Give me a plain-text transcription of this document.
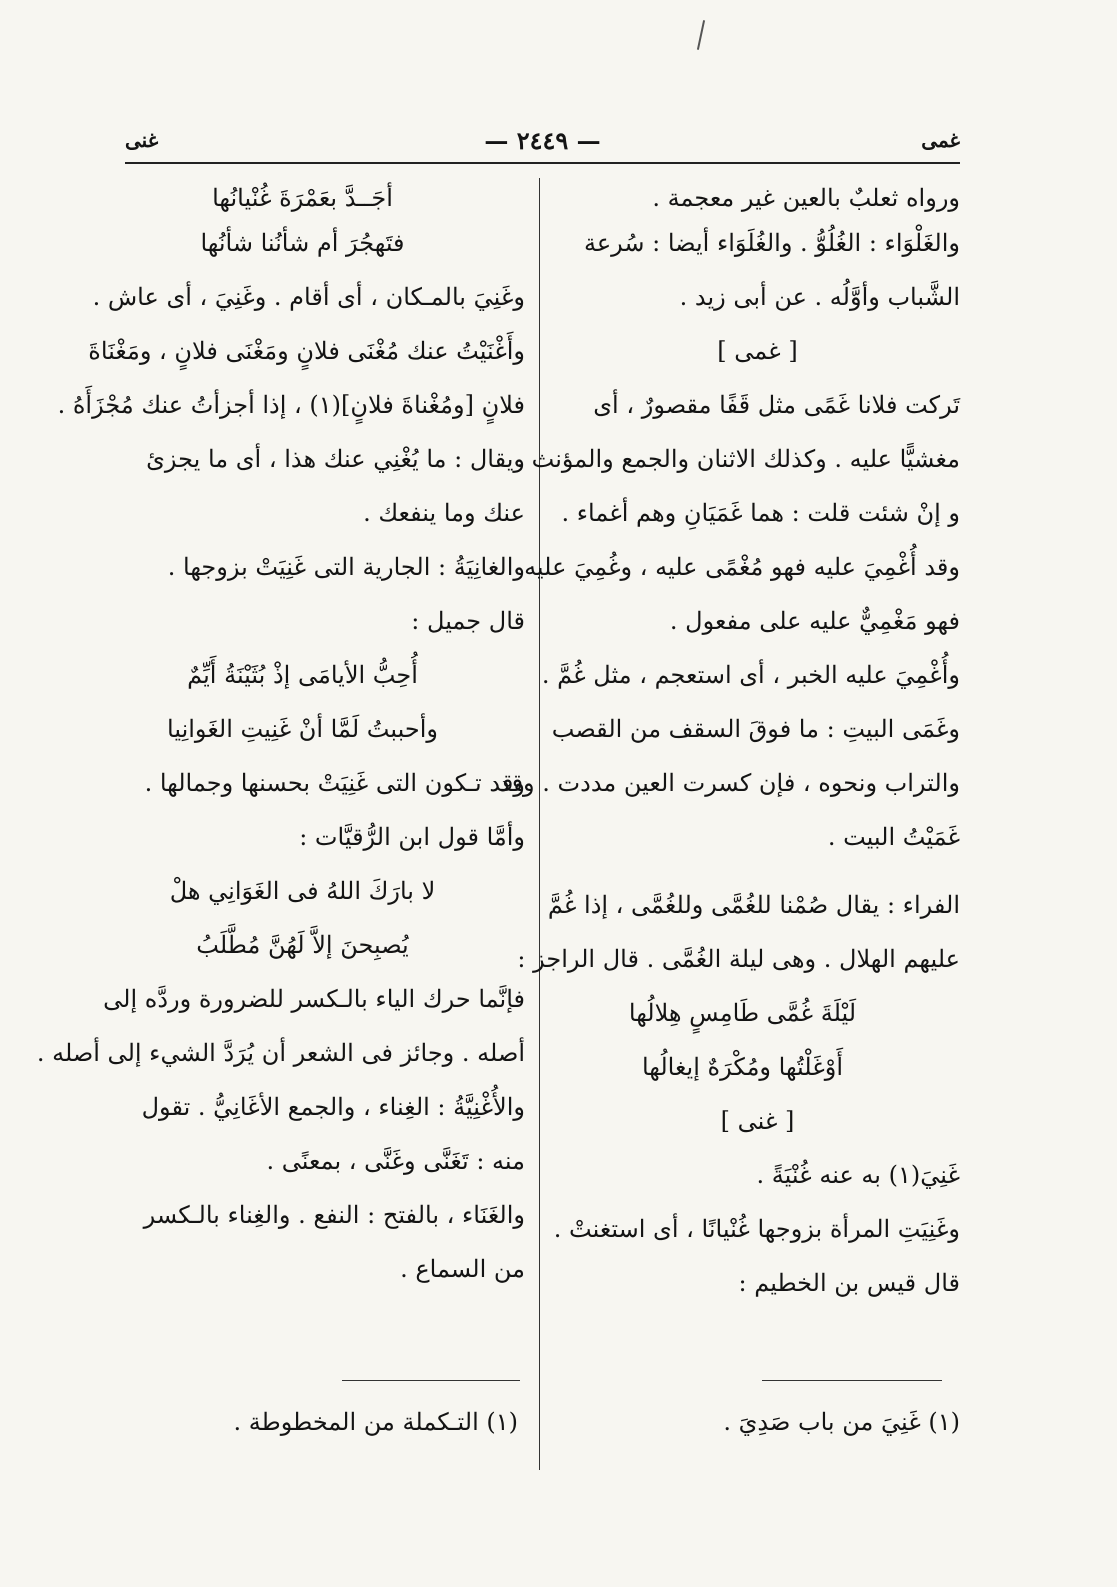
غمى
— ٢٤٤٩ —
غنى
ورواه ثعلبٌ بالعين غير معجمة .
والغَلْوَاء : الغُلُوُّ . والغُلَوَاء أيضا : سُرعة
الشَّباب وأوَّلُه . عن أبى زيد .
[ غمى ]
تَركت فلانا غَمًى مثل قَفًا مقصورٌ ، أى
مغشيًّا عليه . وكذلك الاثنان والجمع والمؤنث .
و إنْ شئت قلت : هما غَمَيَانِ وهم أغماء .
وقد أُغْمِيَ عليه فهو مُغْمًى عليه ، وغُمِيَ عليه
فهو مَغْمِيٌّ عليه على مفعول .
وأُغْمِيَ عليه الخبر ، أى استعجم ، مثل غُمَّ .
وغَمَى البيتِ : ما فوقَ السقف من القصب
والتراب ونحوه ، فإن كسرت العين مددت . وقد
غَمَيْتُ البيت .
الفراء : يقال صُمْنا للغُمَّى وللغُمَّى ، إذا غُمَّ
عليهم الهلال . وهى ليلة الغُمَّى . قال الراجز :
لَيْلَةَ غُمَّى طَامِسٍ هِلالُها
أَوْغَلْتُها ومُكْرَهٌ إيغالُها
[ غنى ]
غَنِيَ(١) به عنه غُنْيَةً .
وغَنِيَتِ المرأة بزوجها غُنْيانًا ، أى استغنتْ .
قال قيس بن الخطيم :
أجَــدَّ بعَمْرَةَ غُنْيانُها
فتَهجُرَ أم شأنُنا شأنُها
وغَنِيَ بالمـكان ، أى أقام . وغَنِيَ ، أى عاش .
وأَغْنَيْتُ عنك مُغْنَى فلانٍ ومَغْنَى فلانٍ ، ومَغْنَاةَ
فلانٍ [ومُغْناةَ فلانٍ](١) ، إذا أجزأتُ عنك مُجْزَأَهُ .
ويقال : ما يُغْنِي عنك هذا ، أى ما يجزئ
عنك وما ينفعك .
والغانِيَةُ : الجارية التى غَنِيَتْ بزوجها .
قال جميل :
أُحِبُّ الأيامَى إذْ بُثَيْنَةُ أَيِّمٌ
وأحببتُ لَمَّا أنْ غَنِيتِ الغَوانِيا
وقد تـكون التى غَنِيَتْ بحسنها وجمالها .
وأمَّا قول ابن الرُّقيَّات :
لا بارَكَ اللهُ فى الغَوَانِي هلْ
يُصبِحنَ إلاَّ لَهُنَّ مُطَّلَبُ
فإنَّما حرك الياء بالـكسر للضرورة وردَّه إلى
أصله . وجائز فى الشعر أن يُرَدَّ الشيء إلى أصله .
والأُغْنِيَّةُ : الغِناء ، والجمع الأغَانِيُّ . تقول
منه : تَغَنَّى وغَنَّى ، بمعنًى .
والغَنَاء ، بالفتح : النفع . والغِناء بالـكسر
من السماع .
(١) غَنِيَ من باب صَدِيَ .
(١) التـكملة من المخطوطة .
